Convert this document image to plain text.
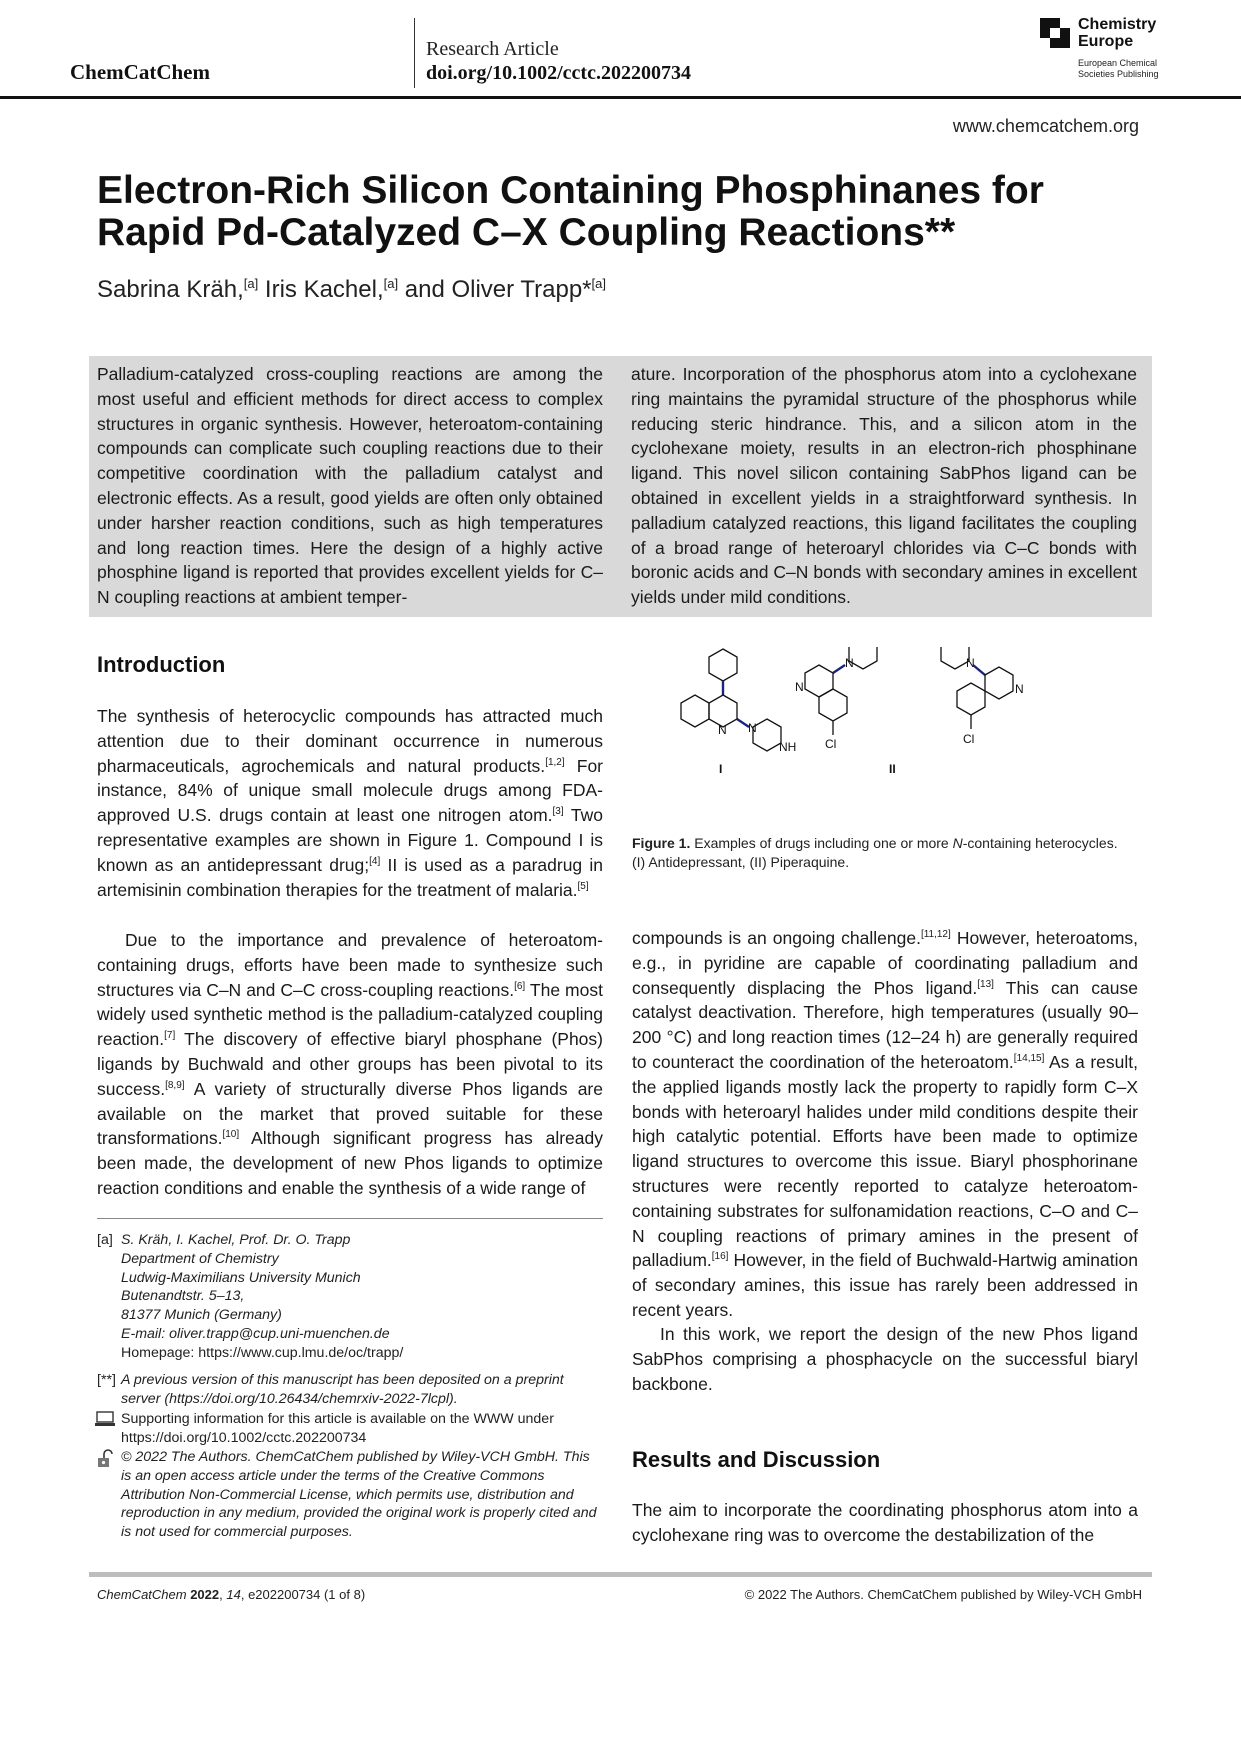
ChemCatChem
Research Article
doi.org/10.1002/cctc.202200734
Chemistry
Europe
European Chemical
Societies Publishing
www.chemcatchem.org
Electron-Rich Silicon Containing Phosphinanes for Rapid Pd-Catalyzed C–X Coupling Reactions**
Sabrina Kräh,[a] Iris Kachel,[a] and Oliver Trapp*[a]
Palladium-catalyzed cross-coupling reactions are among the most useful and efficient methods for direct access to complex structures in organic synthesis. However, heteroatom-containing compounds can complicate such coupling reactions due to their competitive coordination with the palladium catalyst and electronic effects. As a result, good yields are often only obtained under harsher reaction conditions, such as high temperatures and long reaction times. Here the design of a highly active phosphine ligand is reported that provides excellent yields for C–N coupling reactions at ambient temper-
ature. Incorporation of the phosphorus atom into a cyclohexane ring maintains the pyramidal structure of the phosphorus while reducing steric hindrance. This, and a silicon atom in the cyclohexane moiety, results in an electron-rich phosphinane ligand. This novel silicon containing SabPhos ligand can be obtained in excellent yields in a straightforward synthesis. In palladium catalyzed reactions, this ligand facilitates the coupling of a broad range of heteroaryl chlorides via C–C bonds with boronic acids and C–N bonds with secondary amines in excellent yields under mild conditions.
Introduction

The synthesis of heterocyclic compounds has attracted much attention due to their dominant occurrence in numerous pharmaceuticals, agrochemicals and natural products.[1,2] For instance, 84% of unique small molecule drugs among FDA-approved U.S. drugs contain at least one nitrogen atom.[3] Two representative examples are shown in Figure 1. Compound I is known as an antidepressant drug;[4] II is used as a paradrug in artemisinin combination therapies for the treatment of malaria.[5]

Due to the importance and prevalence of heteroatom-containing drugs, efforts have been made to synthesize such structures via C–N and C–C cross-coupling reactions.[6] The most widely used synthetic method is the palladium-catalyzed coupling reaction.[7] The discovery of effective biaryl phosphane (Phos) ligands by Buchwald and other groups has been pivotal to its success.[8,9] A variety of structurally diverse Phos ligands are available on the market that proved suitable for these transformations.[10] Although significant progress has already been made, the development of new Phos ligands to optimize reaction conditions and enable the synthesis of a wide range of

N N
NH
I
N
Cl
N	N
N
Cl
II
Figure 1. Examples of drugs including one or more N-containing heterocycles. (I) Antidepressant, (II) Piperaquine.

compounds is an ongoing challenge.[11,12] However, heteroatoms, e.g., in pyridine are capable of coordinating palladium and consequently displacing the Phos ligand.[13] This can cause catalyst deactivation. Therefore, high temperatures (usually 90–200 °C) and long reaction times (12–24 h) are generally required to counteract the coordination of the heteroatom.[14,15] As a result, the applied ligands mostly lack the property to rapidly form C–X bonds with heteroaryl halides under mild conditions despite their high catalytic potential. Efforts have been made to optimize ligand structures to overcome this issue. Biaryl phosphorinane structures were recently reported to catalyze heteroatom-containing substrates for sulfonamidation reactions, C–O and C–N coupling reactions of primary amines in the present of palladium.[16] However, in the field of Buchwald-Hartwig amination of secondary amines, this issue has rarely been addressed in recent years.

In this work, we report the design of the new Phos ligand SabPhos comprising a phosphacycle on the successful biaryl backbone.

Results and Discussion

The aim to incorporate the coordinating phosphorus atom into a cyclohexane ring was to overcome the destabilization of the

[a] S. Kräh, I. Kachel, Prof. Dr. O. Trapp
Department of Chemistry
Ludwig-Maximilians University Munich
Butenandtstr. 5–13,
81377 Munich (Germany)
E-mail: oliver.trapp@cup.uni-muenchen.de
Homepage: https://www.cup.lmu.de/oc/trapp/
[**] A previous version of this manuscript has been deposited on a preprint server (https://doi.org/10.26434/chemrxiv-2022-7lcpl).
Supporting information for this article is available on the WWW under https://doi.org/10.1002/cctc.202200734
© 2022 The Authors. ChemCatChem published by Wiley-VCH GmbH. This is an open access article under the terms of the Creative Commons Attribution Non-Commercial License, which permits use, distribution and reproduction in any medium, provided the original work is properly cited and is not used for commercial purposes.
ChemCatChem 2022, 14, e202200734 (1 of 8)	© 2022 The Authors. ChemCatChem published by Wiley-VCH GmbH
